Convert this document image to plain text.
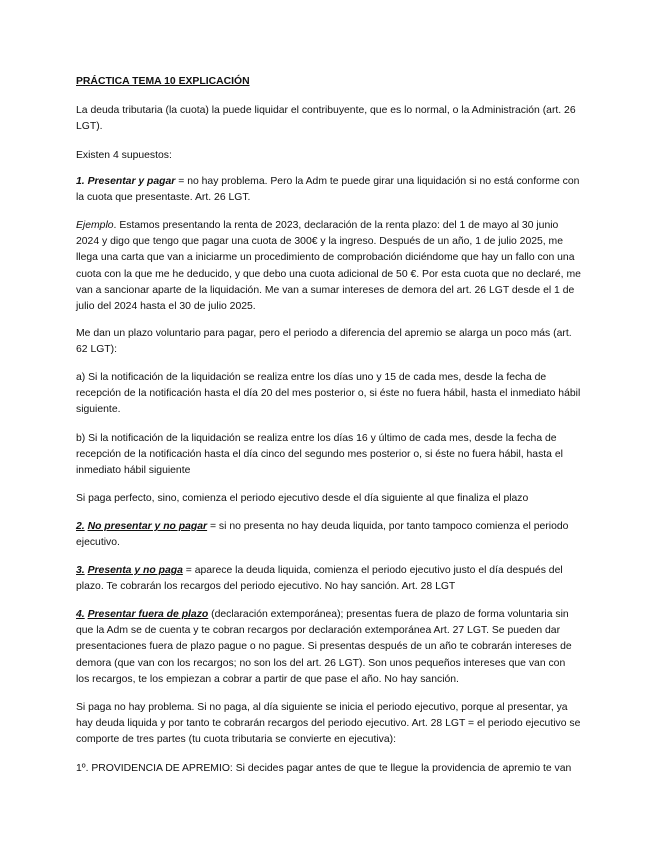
PRÁCTICA TEMA 10 EXPLICACIÓN

La deuda tributaria (la cuota) la puede liquidar el contribuyente, que es lo normal, o la Administración (art. 26 LGT).

Existen 4 supuestos:

1. Presentar y pagar = no hay problema. Pero la Adm te puede girar una liquidación si no está conforme con la cuota que presentaste. Art. 26 LGT.

Ejemplo. Estamos presentando la renta de 2023, declaración de la renta plazo: del 1 de mayo al 30 junio 2024 y digo que tengo que pagar una cuota de 300€ y la ingreso. Después de un año, 1 de julio 2025, me llega una carta que van a iniciarme un procedimiento de comprobación diciéndome que hay un fallo con una cuota con la que me he deducido, y que debo una cuota adicional de 50 €. Por esta cuota que no declaré, me van a sancionar aparte de la liquidación. Me van a sumar intereses de demora del art. 26 LGT desde el 1 de julio del 2024 hasta el 30 de julio 2025.

Me dan un plazo voluntario para pagar, pero el periodo a diferencia del apremio se alarga un poco más (art. 62 LGT):

a) Si la notificación de la liquidación se realiza entre los días uno y 15 de cada mes, desde la fecha de recepción de la notificación hasta el día 20 del mes posterior o, si éste no fuera hábil, hasta el inmediato hábil siguiente.

b) Si la notificación de la liquidación se realiza entre los días 16 y último de cada mes, desde la fecha de recepción de la notificación hasta el día cinco del segundo mes posterior o, si éste no fuera hábil, hasta el inmediato hábil siguiente

Si paga perfecto, sino, comienza el periodo ejecutivo desde el día siguiente al que finaliza el plazo

2. No presentar y no pagar = si no presenta no hay deuda liquida, por tanto tampoco comienza el periodo ejecutivo.

3. Presenta y no paga = aparece la deuda liquida, comienza el periodo ejecutivo justo el día después del plazo. Te cobrarán los recargos del periodo ejecutivo. No hay sanción. Art. 28 LGT

4. Presentar fuera de plazo (declaración extemporánea); presentas fuera de plazo de forma voluntaria sin que la Adm se de cuenta y te cobran recargos por declaración extemporánea Art. 27 LGT. Se pueden dar presentaciones fuera de plazo pague o no pague. Si presentas después de un año te cobrarán intereses de demora (que van con los recargos; no son los del art. 26 LGT). Son unos pequeños intereses que van con los recargos, te los empiezan a cobrar a partir de que pase el año. No hay sanción.

Si paga no hay problema. Si no paga, al día siguiente se inicia el periodo ejecutivo, porque al presentar, ya hay deuda liquida y por tanto te cobrarán recargos del periodo ejecutivo. Art. 28 LGT = el periodo ejecutivo se comporte de tres partes (tu cuota tributaria se convierte en ejecutiva):

1º. PROVIDENCIA DE APREMIO: Si decides pagar antes de que te llegue la providencia de apremio te van
